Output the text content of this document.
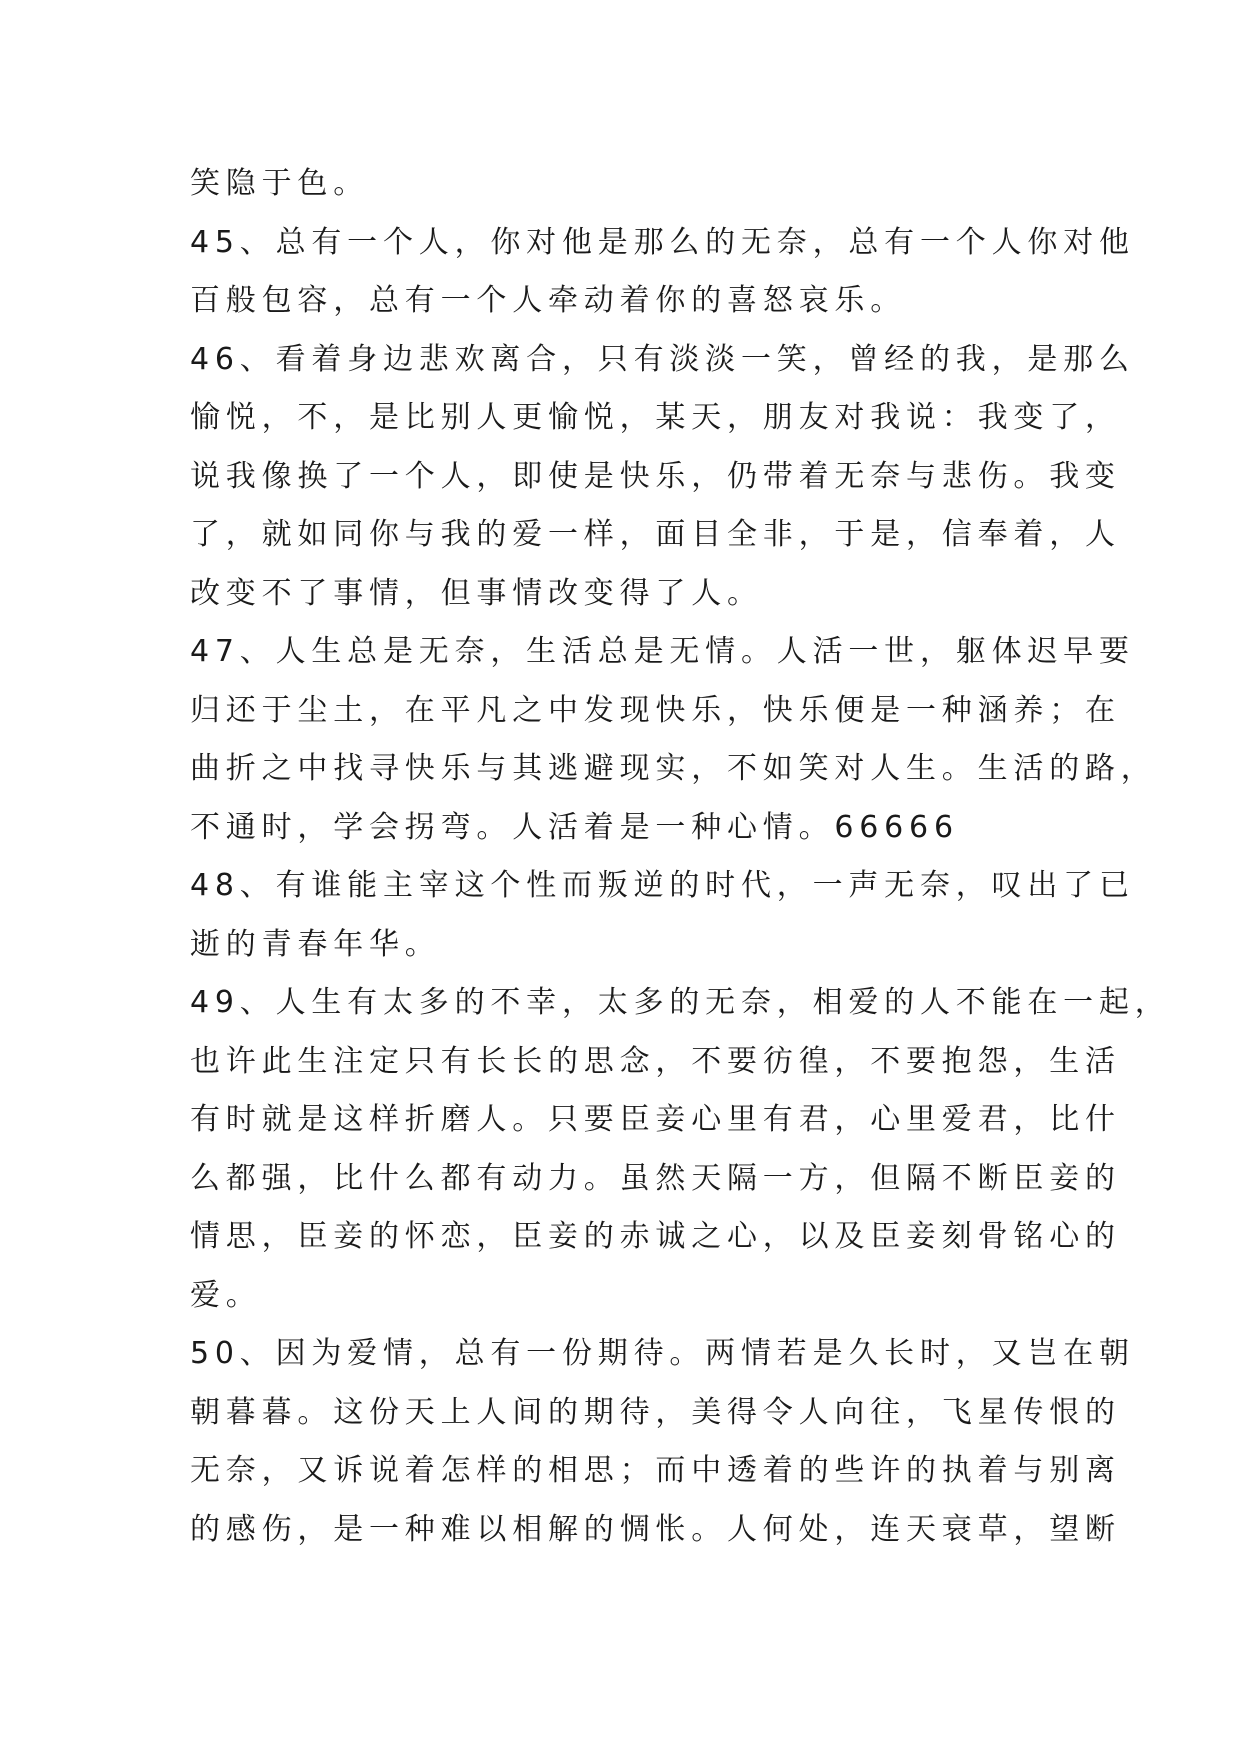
笑隐于色。
45、总有一个人，你对他是那么的无奈，总有一个人你对他
百般包容，总有一个人牵动着你的喜怒哀乐。
46、看着身边悲欢离合，只有淡淡一笑，曾经的我，是那么
愉悦，不，是比别人更愉悦，某天，朋友对我说：我变了，
说我像换了一个人，即使是快乐，仍带着无奈与悲伤。我变
了，就如同你与我的爱一样，面目全非，于是，信奉着，人
改变不了事情，但事情改变得了人。
47、人生总是无奈，生活总是无情。人活一世，躯体迟早要
归还于尘土，在平凡之中发现快乐，快乐便是一种涵养；在
曲折之中找寻快乐与其逃避现实，不如笑对人生。生活的路，
不通时，学会拐弯。人活着是一种心情。66666
48、有谁能主宰这个性而叛逆的时代，一声无奈，叹出了已
逝的青春年华。
49、人生有太多的不幸，太多的无奈，相爱的人不能在一起，
也许此生注定只有长长的思念，不要彷徨，不要抱怨，生活
有时就是这样折磨人。只要臣妾心里有君，心里爱君，比什
么都强，比什么都有动力。虽然天隔一方，但隔不断臣妾的
情思，臣妾的怀恋，臣妾的赤诚之心，以及臣妾刻骨铭心的
爱。
50、因为爱情，总有一份期待。两情若是久长时，又岂在朝
朝暮暮。这份天上人间的期待，美得令人向往，飞星传恨的
无奈，又诉说着怎样的相思；而中透着的些许的执着与别离
的感伤，是一种难以相解的惆怅。人何处，连天衰草，望断
